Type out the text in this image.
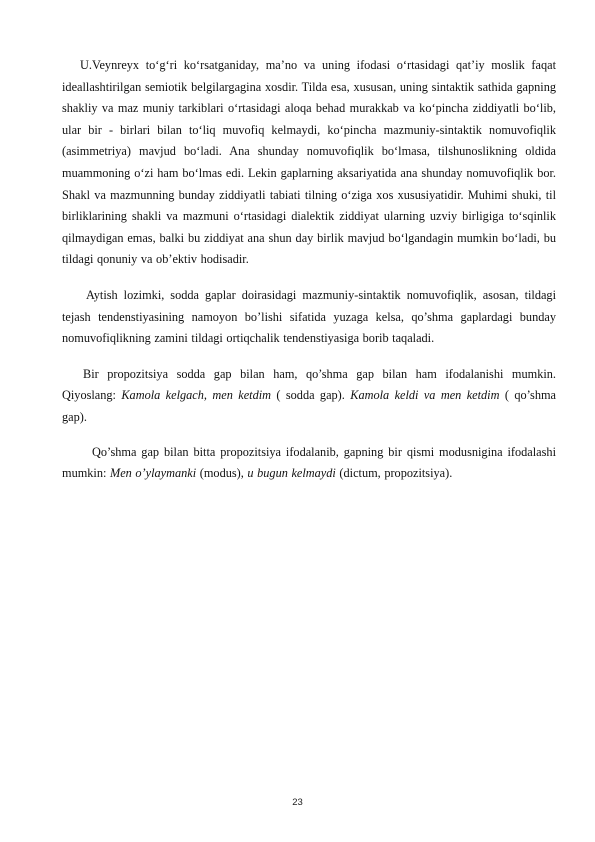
U.Veynreyx to‘g‘ri ko‘rsatganiday, ma’no va uning ifodasi o‘rtasidagi qat’iy moslik faqat ideallashtirilgan semiotik belgilargagina xosdir. Tilda esa, xususan, uning sintaktik sathida gapning shakliy va maz muniy tarkiblari o‘rtasidagi aloqa behad murakkab va ko‘pincha ziddiyatli bo‘lib, ular bir - birlari bilan to‘liq muvofiq kelmaydi, ko‘pincha mazmuniy-sintaktik nomuvofiqlik (asimmetriya) mavjud bo‘ladi. Ana shunday nomuvofiqlik bo‘lmasa, tilshunoslikning oldida muammoning o‘zi ham bo‘lmas edi. Lekin gaplarning aksariyatida ana shunday nomuvofiqlik bor. Shakl va mazmunning bunday ziddiyatli tabiati tilning o‘ziga xos xususiyatidir. Muhimi shuki, til birliklarining shakli va mazmuni o‘rtasidagi dialektik ziddiyat ularning uzviy birligiga to‘sqinlik qilmaydigan emas, balki bu ziddiyat ana shun day birlik mavjud bo‘lgandagin mumkin bo‘ladi, bu tildagi qonuniy va ob’ektiv hodisadir.

Aytish lozimki, sodda gaplar doirasidagi mazmuniy-sintaktik nomuvofiqlik, asosan, tildagi tejash tendenstiyasining namoyon bo’lishi sifatida yuzaga kelsa, qo’shma gaplardagi bunday nomuvofiqlikning zamini tildagi ortiqchalik tendenstiyasiga borib taqaladi.

Bir propozitsiya sodda gap bilan ham, qo’shma gap bilan ham ifodalanishi mumkin. Qiyoslang: Kamola kelgach, men ketdim ( sodda gap). Kamola keldi va men ketdim ( qo’shma gap).

Qo’shma gap bilan bitta propozitsiya ifodalanib, gapning bir qismi modusnigina ifodalashi mumkin: Men o’ylaymanki (modus), u bugun kelmaydi (dictum, propozitsiya).

23
